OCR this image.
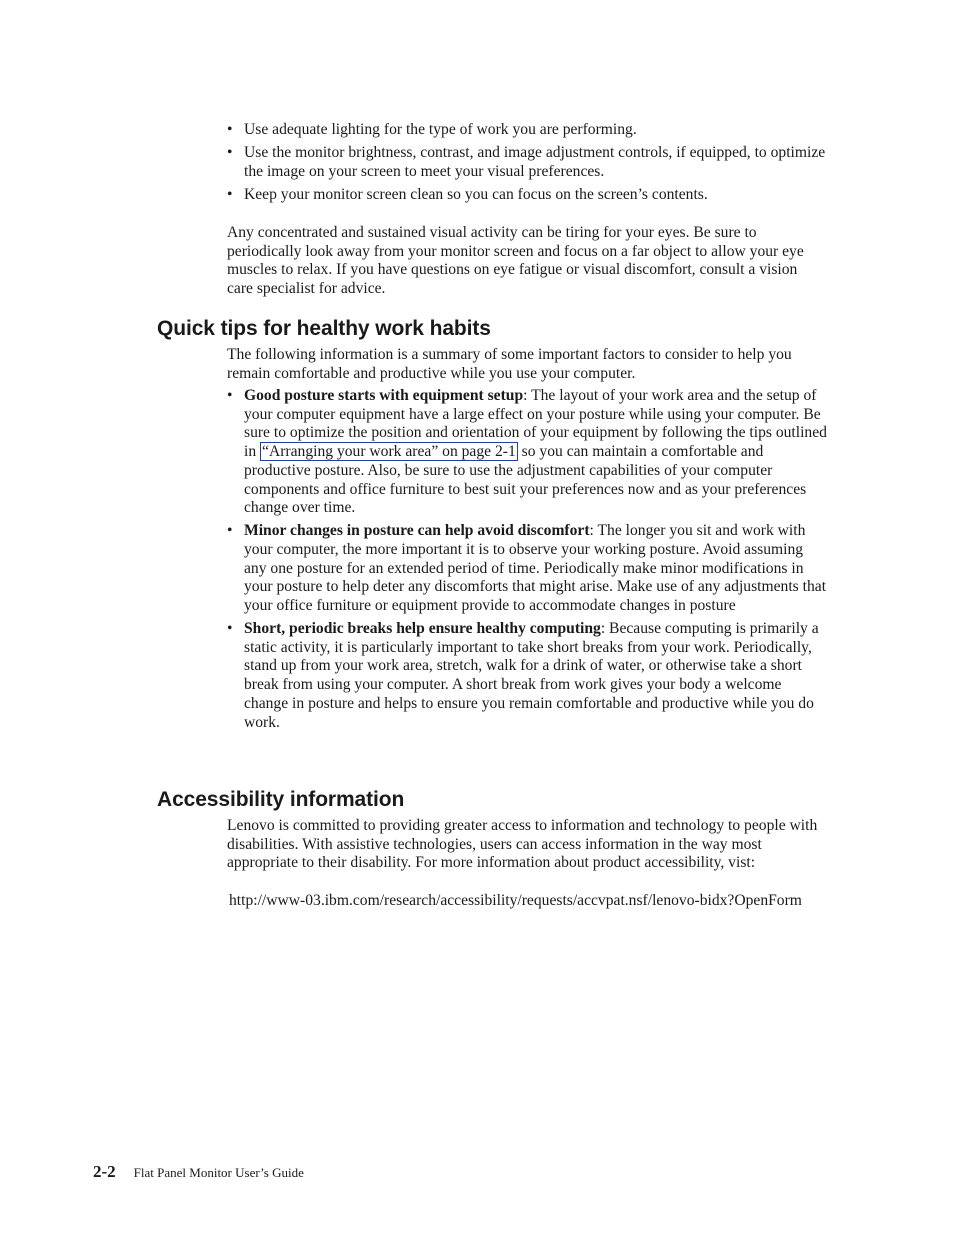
• Use adequate lighting for the type of work you are performing.
• Use the monitor brightness, contrast, and image adjustment controls, if equipped, to optimize the image on your screen to meet your visual preferences.
• Keep your monitor screen clean so you can focus on the screen’s contents.

Any concentrated and sustained visual activity can be tiring for your eyes. Be sure to periodically look away from your monitor screen and focus on a far object to allow your eye muscles to relax. If you have questions on eye fatigue or visual discomfort, consult a vision care specialist for advice.

Quick tips for healthy work habits

The following information is a summary of some important factors to consider to help you remain comfortable and productive while you use your computer.

• Good posture starts with equipment setup: The layout of your work area and the setup of your computer equipment have a large effect on your posture while using your computer. Be sure to optimize the position and orientation of your equipment by following the tips outlined in “Arranging your work area” on page 2-1 so you can maintain a comfortable and productive posture. Also, be sure to use the adjustment capabilities of your computer components and office furniture to best suit your preferences now and as your preferences change over time.
• Minor changes in posture can help avoid discomfort: The longer you sit and work with your computer, the more important it is to observe your working posture. Avoid assuming any one posture for an extended period of time. Periodically make minor modifications in your posture to help deter any discomforts that might arise. Make use of any adjustments that your office furniture or equipment provide to accommodate changes in posture
• Short, periodic breaks help ensure healthy computing: Because computing is primarily a static activity, it is particularly important to take short breaks from your work. Periodically, stand up from your work area, stretch, walk for a drink of water, or otherwise take a short break from using your computer. A short break from work gives your body a welcome change in posture and helps to ensure you remain comfortable and productive while you do work.
Accessibility information

Lenovo is committed to providing greater access to information and technology to people with disabilities. With assistive technologies, users can access information in the way most appropriate to their disability. For more information about product accessibility, vist:

http://www-03.ibm.com/research/accessibility/requests/accvpat.nsf/lenovo-bidx?OpenForm

2-2 Flat Panel Monitor User’s Guide
